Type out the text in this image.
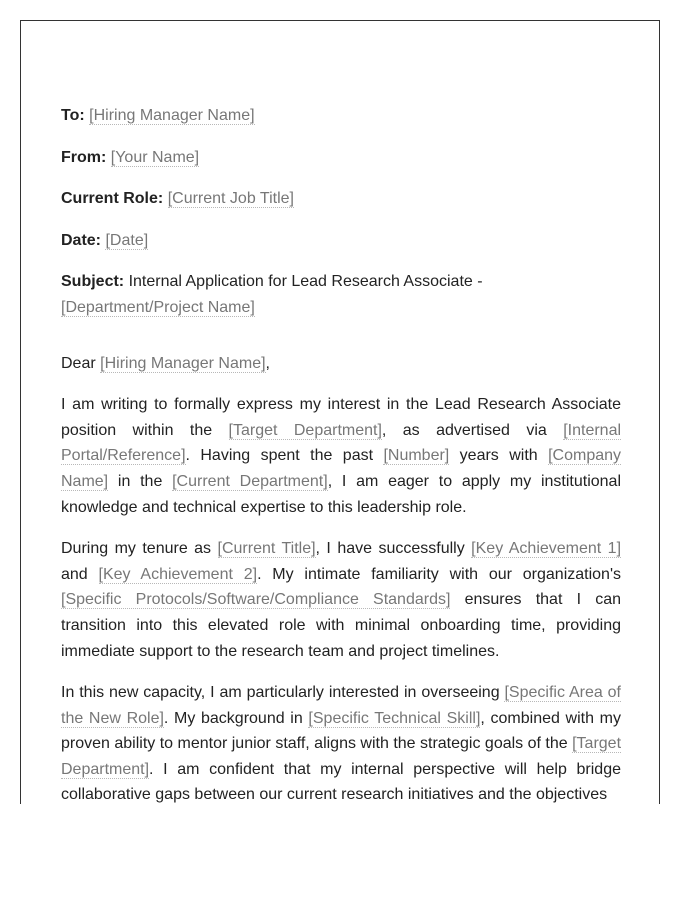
To: [Hiring Manager Name]

From: [Your Name]

Current Role: [Current Job Title]

Date: [Date]

Subject: Internal Application for Lead Research Associate -
[Department/Project Name]

Dear [Hiring Manager Name],

I am writing to formally express my interest in the Lead Research Associate position within the [Target Department], as advertised via [Internal Portal/Reference]. Having spent the past [Number] years with [Company Name] in the [Current Department], I am eager to apply my institutional knowledge and technical expertise to this leadership role.

During my tenure as [Current Title], I have successfully [Key Achievement 1] and [Key Achievement 2]. My intimate familiarity with our organization's [Specific Protocols/Software/Compliance Standards] ensures that I can transition into this elevated role with minimal onboarding time, providing immediate support to the research team and project timelines.

In this new capacity, I am particularly interested in overseeing [Specific Area of the New Role]. My background in [Specific Technical Skill], combined with my proven ability to mentor junior staff, aligns with the strategic goals of the [Target Department]. I am confident that my internal perspective will help bridge collaborative gaps between our current research initiatives and the objectives
